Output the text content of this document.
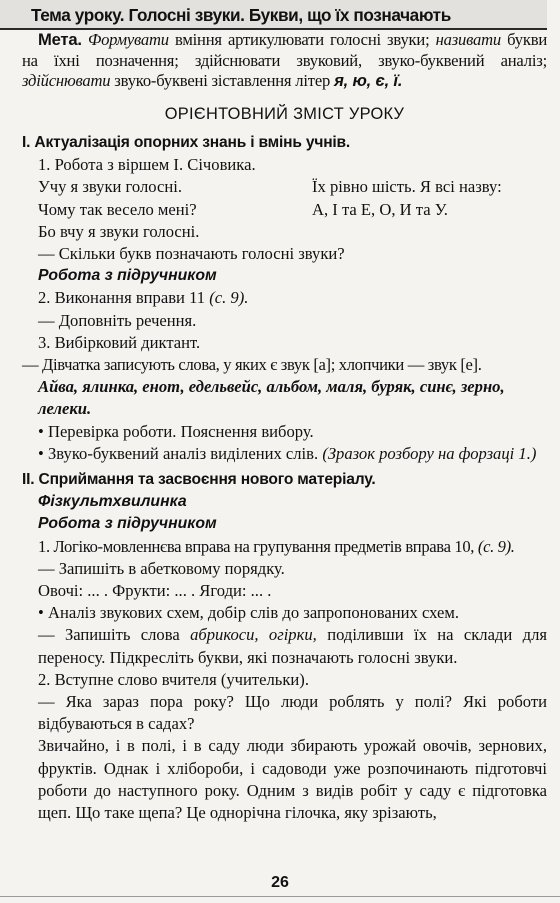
Тема уроку. Голосні звуки. Букви, що їх позначають

Мета. Формувати вміння артикулювати голосні звуки; називати букви на їхні позначення; здійснювати звуковий, звуко-буквений аналіз; здійснювати звуко-буквені зіставлення літер я, ю, є, ї.

ОРІЄНТОВНИЙ ЗМІСТ УРОКУ

І. Актуалізація опорних знань і вмінь учнів.

1. Робота з віршем І. Січовика.

Учу я звуки голосні.
Чому так весело мені?
Бо вчу я звуки голосні.
Їх рівно шість. Я всі назву:
А, І та Е, О, И та У.

— Скільки букв позначають голосні звуки?

Робота з підручником

2. Виконання вправи 11 (с. 9).

— Доповніть речення.

3. Вибірковий диктант.

— Дівчатка записують слова, у яких є звук [а]; хлопчики — звук [е].

Айва, ялинка, енот, едельвейс, альбом, маля, буряк, синє, зерно, лелеки.

• Перевірка роботи. Пояснення вибору.

• Звуко-буквений аналіз виділених слів. (Зразок розбору на форзаці 1.)

ІІ. Сприймання та засвоєння нового матеріалу.

Фізкультхвилинка

Робота з підручником

1. Логіко-мовленнєва вправа на групування предметів вправа 10, (с. 9).

— Запишіть в абетковому порядку.

Овочі: ... . Фрукти: ... . Ягоди: ... .

• Аналіз звукових схем, добір слів до запропонованих схем.

— Запишіть слова абрикоси, огірки, поділивши їх на склади для переносу. Підкресліть букви, які позначають голосні звуки.

2. Вступне слово вчителя (учительки).

— Яка зараз пора року? Що люди роблять у полі? Які роботи відбуваються в садах?

Звичайно, і в полі, і в саду люди збирають урожай овочів, зернових, фруктів. Однак і хлібороби, і садоводи уже розпочинають підготовчі роботи до наступного року. Одним з видів робіт у саду є підготовка щеп. Що таке щепа? Це однорічна гілочка, яку зрізають,

26
